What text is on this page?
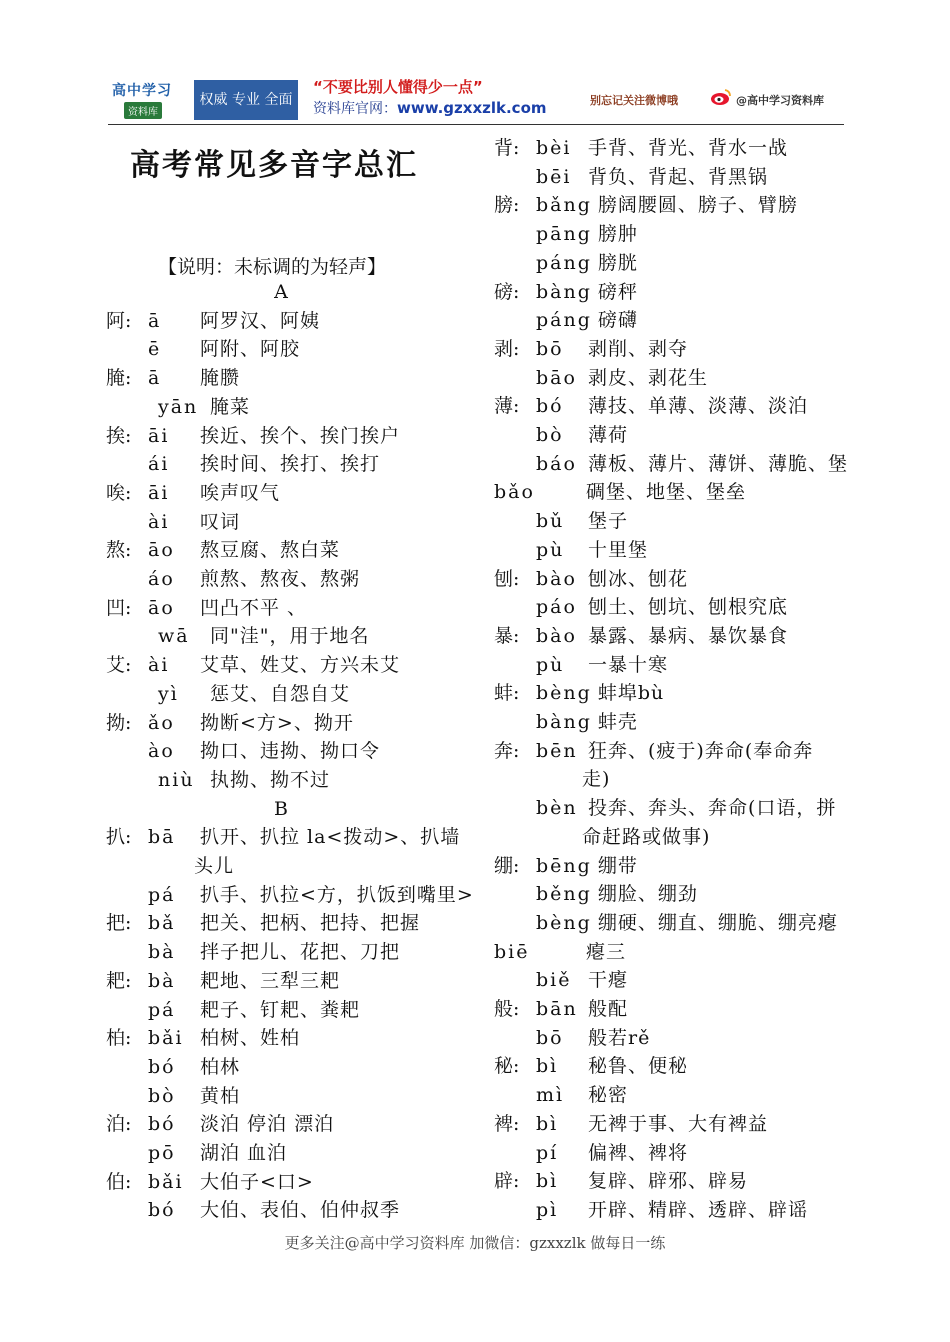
高中学习
资料库
权威 专业 全面
“不要比别人懂得少一点”
资料库官网：www.gzxxzlk.com	别忘记关注微博哦	@高中学习资料库
高考常见多音字总汇
【说明：未标调的为轻声】
A
阿: ā 阿罗汉、阿姨
ē 阿附、阿胶
腌: ā 腌臜
yān 腌菜
挨: āi 挨近、挨个、挨门挨户
ái 挨时间、挨打、挨打
唉: āi 唉声叹气
ài 叹词
熬: āo 熬豆腐、熬白菜
áo 煎熬、熬夜、熬粥
凹: āo 凹凸不平 、
wā 同"洼"，用于地名
艾: ài 艾草、姓艾、方兴未艾
yì 惩艾、自怨自艾
拗: ǎo 拗断<方>、拗开
ào 拗口、违拗、拗口令
niù 执拗、拗不过
B
扒: bā 扒开、扒拉 la<拨动>、扒墙
头儿
pá 扒手、扒拉<方，扒饭到嘴里>
把: bǎ 把关、把柄、把持、把握
bà 拌子把儿、花把、刀把
耙: bà 耙地、三犁三耙
pá 耙子、钉耙、粪耙
柏: bǎi 柏树、姓柏
bó 柏林
bò 黄柏
泊: bó 淡泊 停泊 漂泊
pō 湖泊 血泊
伯: bǎi 大伯子<口>
bó 大伯、表伯、伯仲叔季
背: bèi 手背、背光、背水一战
bēi 背负、背起、背黑锅
膀: bǎng 膀阔腰圆、膀子、臂膀
pāng 膀肿
páng 膀胱
磅: bàng 磅秤
páng 磅礴
剥: bō 剥削、剥夺
bāo 剥皮、剥花生
薄: bó 薄技、单薄、淡薄、淡泊
bò 薄荷
báo 薄板、薄片、薄饼、薄脆、堡
bǎo	碉堡、地堡、堡垒
bǔ 堡子
pù 十里堡
刨: bào 刨冰、刨花
páo 刨土、刨坑、刨根究底
暴: bào 暴露、暴病、暴饮暴食
pù 一暴十寒
蚌: bèng 蚌埠bù
bàng 蚌壳
奔: bēn 狂奔、(疲于)奔命(奉命奔
走)
bèn 投奔、奔头、奔命(口语，拼
命赶路或做事)
绷: bēng 绷带
běng 绷脸、绷劲
bèng 绷硬、绷直、绷脆、绷亮瘪
biē	瘪三
biě 干瘪
般: bān 般配
bō 般若rě
秘: bì 秘鲁、便秘
mì 秘密
裨: bì 无裨于事、大有裨益
pí 偏裨、裨将
辟: bì 复辟、辟邪、辟易
pì 开辟、精辟、透辟、辟谣
更多关注@高中学习资料库 加微信：gzxxzlk 做每日一练
